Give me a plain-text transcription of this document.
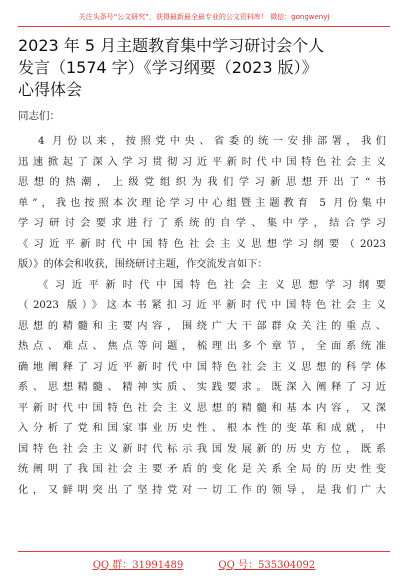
关注头条号“公文研究”，获得最新最全最专业的公文资料库！ 微信：gongwenyj
2023 年 5 月主题教育集中学习研讨会个人
发言（1574 字）《学习纲要（2023 版）》
心得体会
同志们：
4 月份以来，按照党中央、省委的统一安排部署，我们
迅速掀起了深入学习贯彻习近平新时代中国特色社会主义
思想的热潮，上级党组织为我们学习新思想开出了“书
单”，我也按照本次理论学习中心组暨主题教育 5 月份集中
学习研讨会要求进行了系统的自学、集中学，结合学习
《习近平新时代中国特色社会主义思想学习纲要（2023
版）》的体会和收获，围绕研讨主题，作交流发言如下：
《习近平新时代中国特色社会主义思想学习纲要
（2023 版）》这本书紧扣习近平新时代中国特色社会主义
思想的精髓和主要内容，围绕广大干部群众关注的重点、
热点、难点、焦点等问题，梳理出多个章节，全面系统准
确地阐释了习近平新时代中国特色社会主义思想的科学体
系、思想精髓、精神实质、实践要求。既深入阐释了习近
平新时代中国特色社会主义思想的精髓和基本内容，又深
入分析了党和国家事业历史性、根本性的变革和成就，中
国特色社会主义新时代标示我国发展新的历史方位，既系
统阐明了我国社会主要矛盾的变化是关系全局的历史性变
化，又鲜明突出了坚持党对一切工作的领导，是我们广大
QQ 群：31991489	QQ 号：535304092
